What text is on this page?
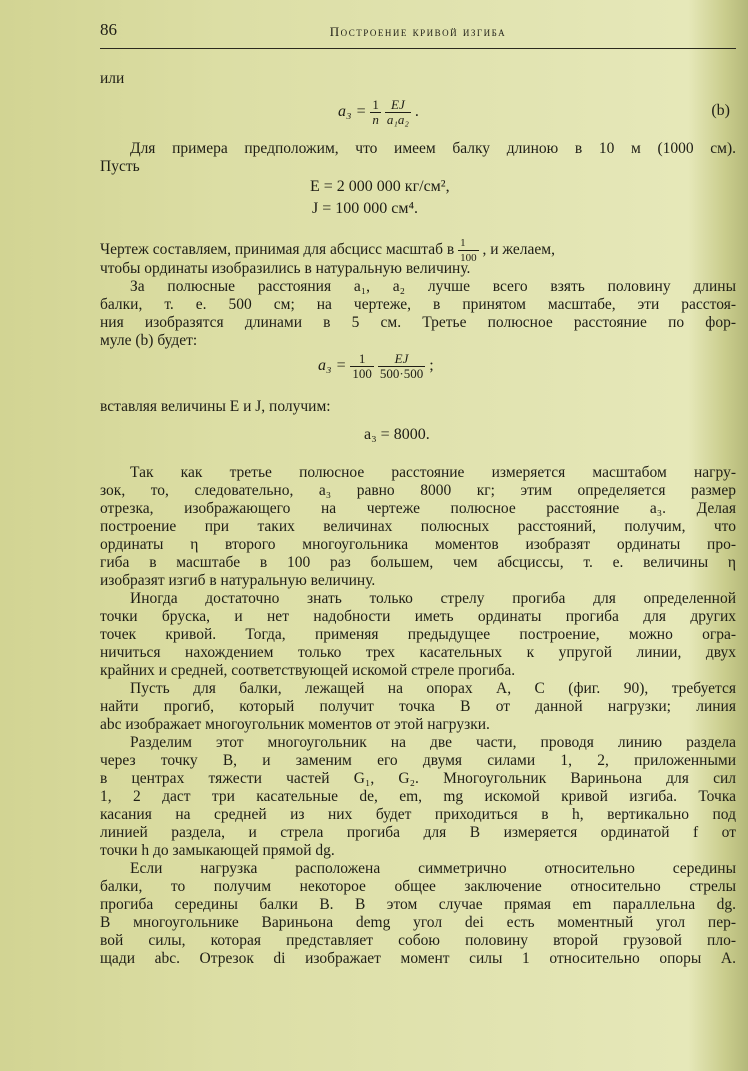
86	Построение кривой изгиба
или
$a_3 = \frac{1}{n}$
$\frac{EJ}{\text{a₁a₂}}$ .	(b)
Для примера предположим, что имеем балку длиною в 10 м (1000 см).
Пусть
E = 2 000 000 кг/см²,
J = 100 000 см⁴.
Чертеж составляем, принимая для абсцисс масштаб в $\frac{1}{100}$ , и желаем,
чтобы ординаты изобразились в натуральную величину.
За полюсные расстояния a₁, a₂ лучше всего взять половину длины
балки, т. е. 500 см; на чертеже, в принятом масштабе, эти расстоя-
ния изобразятся длинами в 5 см. Третье полюсное расстояние по фор-
муле (b) будет:
$a_3 = \frac{1}{100}$
$\frac{EJ}{500\cdot 500}$ ;
вставляя величины E и J, получим:
a₃ = 8000.
Так как третье полюсное расстояние измеряется масштабом нагру-
зок, то, следовательно, a₃ равно 8000 кг; этим определяется размер
отрезка, изображающего на чертеже полюсное расстояние a₃. Делая
построение при таких величинах полюсных расстояний, получим, что
ординаты η второго многоугольника моментов изобразят ординаты про-
гиба в масштабе в 100 раз большем, чем абсциссы, т. е. величины η
изобразят изгиб в натуральную величину.
Иногда достаточно знать только стрелу прогиба для определенной
точки бруска, и нет надобности иметь ординаты прогиба для других
точек кривой. Тогда, применяя предыдущее построение, можно огра-
ничиться нахождением только трех касательных к упругой линии, двух
крайних и средней, соответствующей искомой стреле прогиба.
Пусть для балки, лежащей на опорах A, C (фиг. 90), требуется
найти прогиб, который получит точка B от данной нагрузки; линия
abc изображает многоугольник моментов от этой нагрузки.
Разделим этот многоугольник на две части, проводя линию раздела
через точку B, и заменим его двумя силами 1, 2, приложенными
в центрах тяжести частей G₁, G₂. Многоугольник Вариньона для сил
1, 2 даст три касательные de, em, mg искомой кривой изгиба. Точка
касания на средней из них будет приходиться в h, вертикально под
линией раздела, и стрела прогиба для B измеряется ординатой f от
точки h до замыкающей прямой dg.
Если нагрузка расположена симметрично относительно середины
балки, то получим некоторое общее заключение относительно стрелы
прогиба середины балки B. В этом случае прямая em параллельна dg.
В многоугольнике Вариньона demg угол dei есть моментный угол пер-
вой силы, которая представляет собою половину второй грузовой пло-
щади abc. Отрезок di изображает момент силы 1 относительно опоры A.
